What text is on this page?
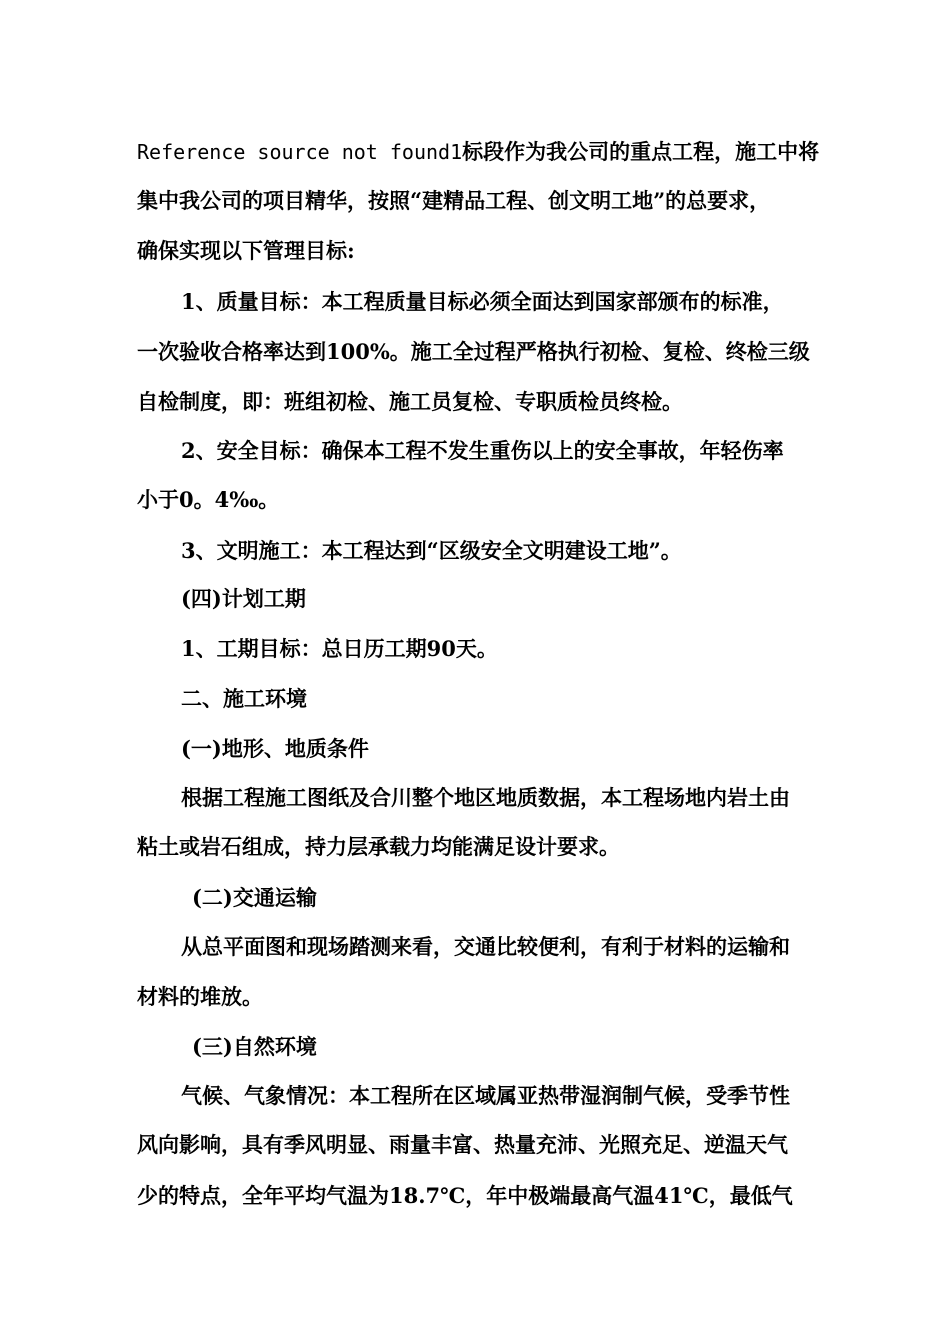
Reference source not found1标段作为我公司的重点工程，施工中将
集中我公司的项目精华，按照“建精品工程、创文明工地”的总要求，
确保实现以下管理目标:
1、质量目标：本工程质量目标必须全面达到国家部颁布的标准，
一次验收合格率达到100%。施工全过程严格执行初检、复检、终检三级
自检制度，即：班组初检、施工员复检、专职质检员终检。
2、安全目标：确保本工程不发生重伤以上的安全事故，年轻伤率
小于0。4‰。
3、文明施工：本工程达到“区级安全文明建设工地”。
(四)计划工期
1、工期目标：总日历工期90天。
二、施工环境
(一)地形、地质条件
根据工程施工图纸及合川整个地区地质数据，本工程场地内岩土由
粘土或岩石组成，持力层承载力均能满足设计要求。
(二)交通运输
从总平面图和现场踏测来看，交通比较便利，有利于材料的运输和
材料的堆放。
(三)自然环境
气候、气象情况：本工程所在区域属亚热带湿润制气候，受季节性
风向影响，具有季风明显、雨量丰富、热量充沛、光照充足、逆温天气
少的特点，全年平均气温为18.7℃，年中极端最高气温41℃，最低气
